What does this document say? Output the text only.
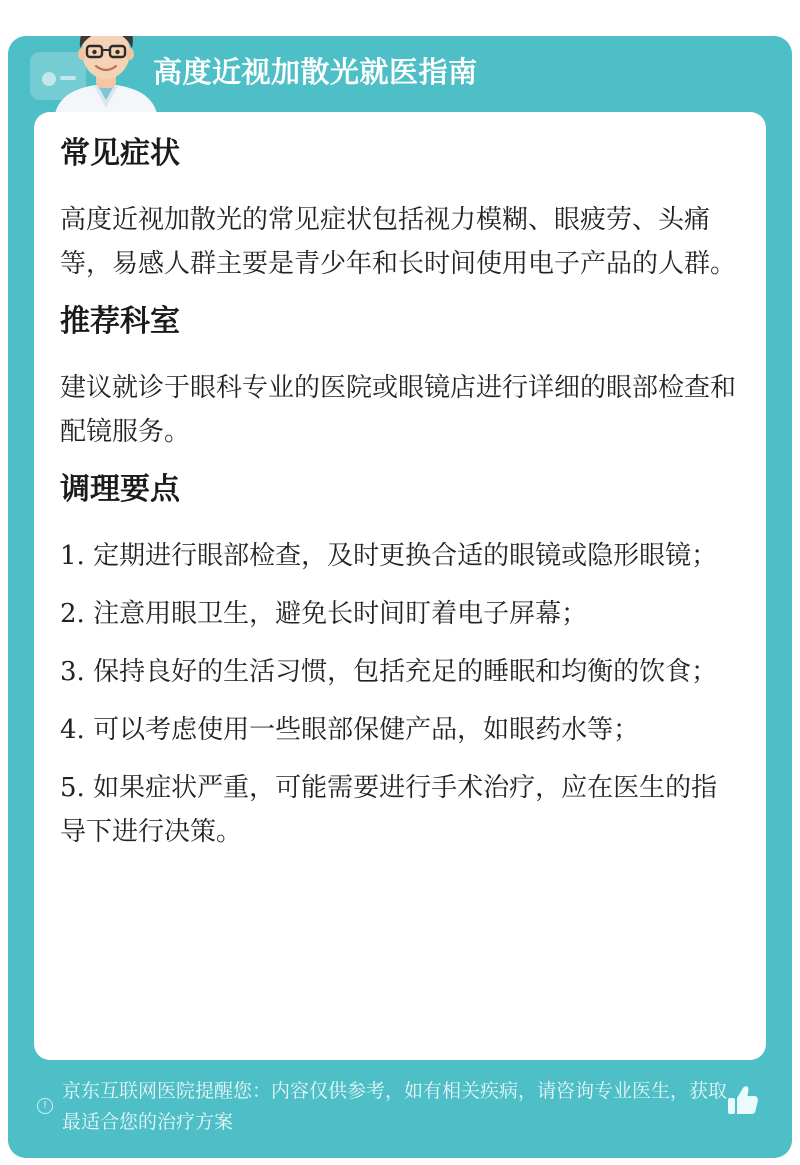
高度近视加散光就医指南
常见症状
高度近视加散光的常见症状包括视力模糊、眼疲劳、头痛等，易感人群主要是青少年和长时间使用电子产品的人群。
推荐科室
建议就诊于眼科专业的医院或眼镜店进行详细的眼部检查和配镜服务。
调理要点
1. 定期进行眼部检查，及时更换合适的眼镜或隐形眼镜；
2. 注意用眼卫生，避免长时间盯着电子屏幕；
3. 保持良好的生活习惯，包括充足的睡眠和均衡的饮食；
4. 可以考虑使用一些眼部保健产品，如眼药水等；
5. 如果症状严重，可能需要进行手术治疗，应在医生的指导下进行决策。
!
京东互联网医院提醒您：内容仅供参考，如有相关疾病，请咨询专业医生，获取最适合您的治疗方案
